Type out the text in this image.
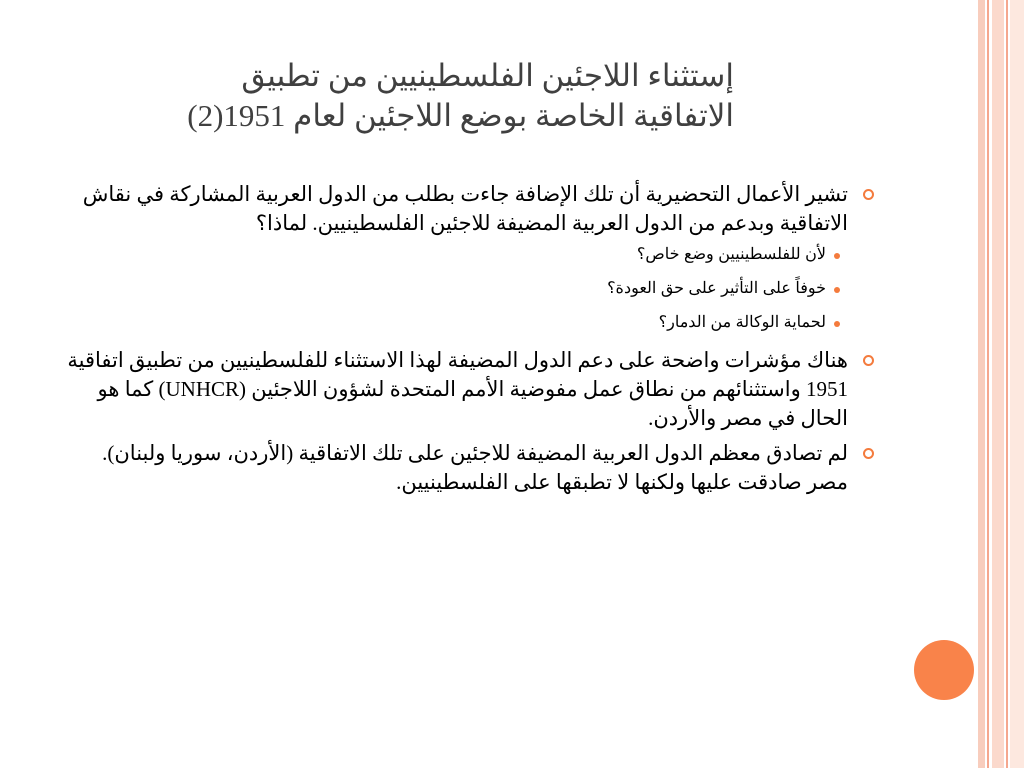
إستثناء اللاجئين الفلسطينيين من تطبيق
الاتفاقية الخاصة بوضع اللاجئين لعام 1951(2)
تشير الأعمال التحضيرية أن تلك الإضافة جاءت بطلب من الدول العربية المشاركة في نقاش الاتفاقية وبدعم من الدول العربية المضيفة للاجئين الفلسطينيين. لماذا؟
لأن للفلسطينيين وضع خاص؟
خوفاً على التأثير على حق العودة؟
لحماية الوكالة من الدمار؟
هناك مؤشرات واضحة على دعم الدول المضيفة لهذا الاستثناء للفلسطينيين من تطبيق اتفاقية 1951 واستثنائهم من نطاق عمل مفوضية الأمم المتحدة لشؤون اللاجئين (UNHCR) كما هو الحال في مصر والأردن.
لم تصادق معظم الدول العربية المضيفة للاجئين على تلك الاتفاقية (الأردن، سوريا ولبنان). مصر صادقت عليها ولكنها لا تطبقها على الفلسطينيين.
